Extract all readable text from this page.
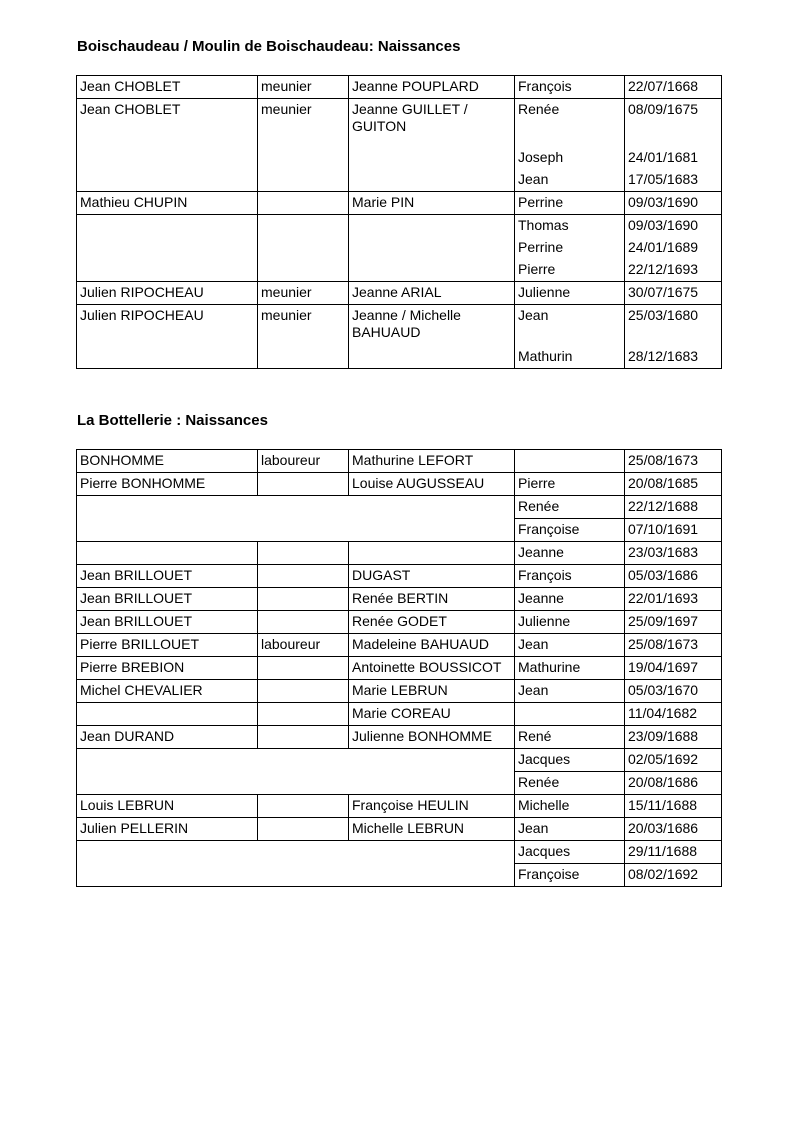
Boischaudeau / Moulin de Boischaudeau: Naissances
Jean CHOBLET	meunier	Jeanne POUPLARD	François	22/07/1668
Jean CHOBLET	meunier	Jeanne GUILLET / GUITON	Renée	08/09/1675
			Joseph	24/01/1681
			Jean	17/05/1683
Mathieu CHUPIN		Marie PIN	Perrine	09/03/1690
			Thomas	09/03/1690
			Perrine	24/01/1689
			Pierre	22/12/1693
Julien RIPOCHEAU	meunier	Jeanne ARIAL	Julienne	30/07/1675
Julien RIPOCHEAU	meunier	Jeanne / Michelle BAHUAUD	Jean	25/03/1680
			Mathurin	28/12/1683
La Bottellerie : Naissances
BONHOMME	laboureur	Mathurine LEFORT		25/08/1673
Pierre BONHOMME		Louise AUGUSSEAU	Pierre	20/08/1685
			Renée	22/12/1688
			Françoise	07/10/1691
			Jeanne	23/03/1683
Jean BRILLOUET		DUGAST	François	05/03/1686
Jean BRILLOUET		Renée BERTIN	Jeanne	22/01/1693
Jean BRILLOUET		Renée GODET	Julienne	25/09/1697
Pierre BRILLOUET	laboureur	Madeleine BAHUAUD	Jean	25/08/1673
Pierre BREBION		Antoinette BOUSSICOT	Mathurine	19/04/1697
Michel CHEVALIER		Marie LEBRUN	Jean	05/03/1670
		Marie COREAU		11/04/1682
Jean DURAND		Julienne BONHOMME	René	23/09/1688
			Jacques	02/05/1692
			Renée	20/08/1686
Louis LEBRUN		Françoise HEULIN	Michelle	15/11/1688
Julien PELLERIN		Michelle LEBRUN	Jean	20/03/1686
			Jacques	29/11/1688
			Françoise	08/02/1692
